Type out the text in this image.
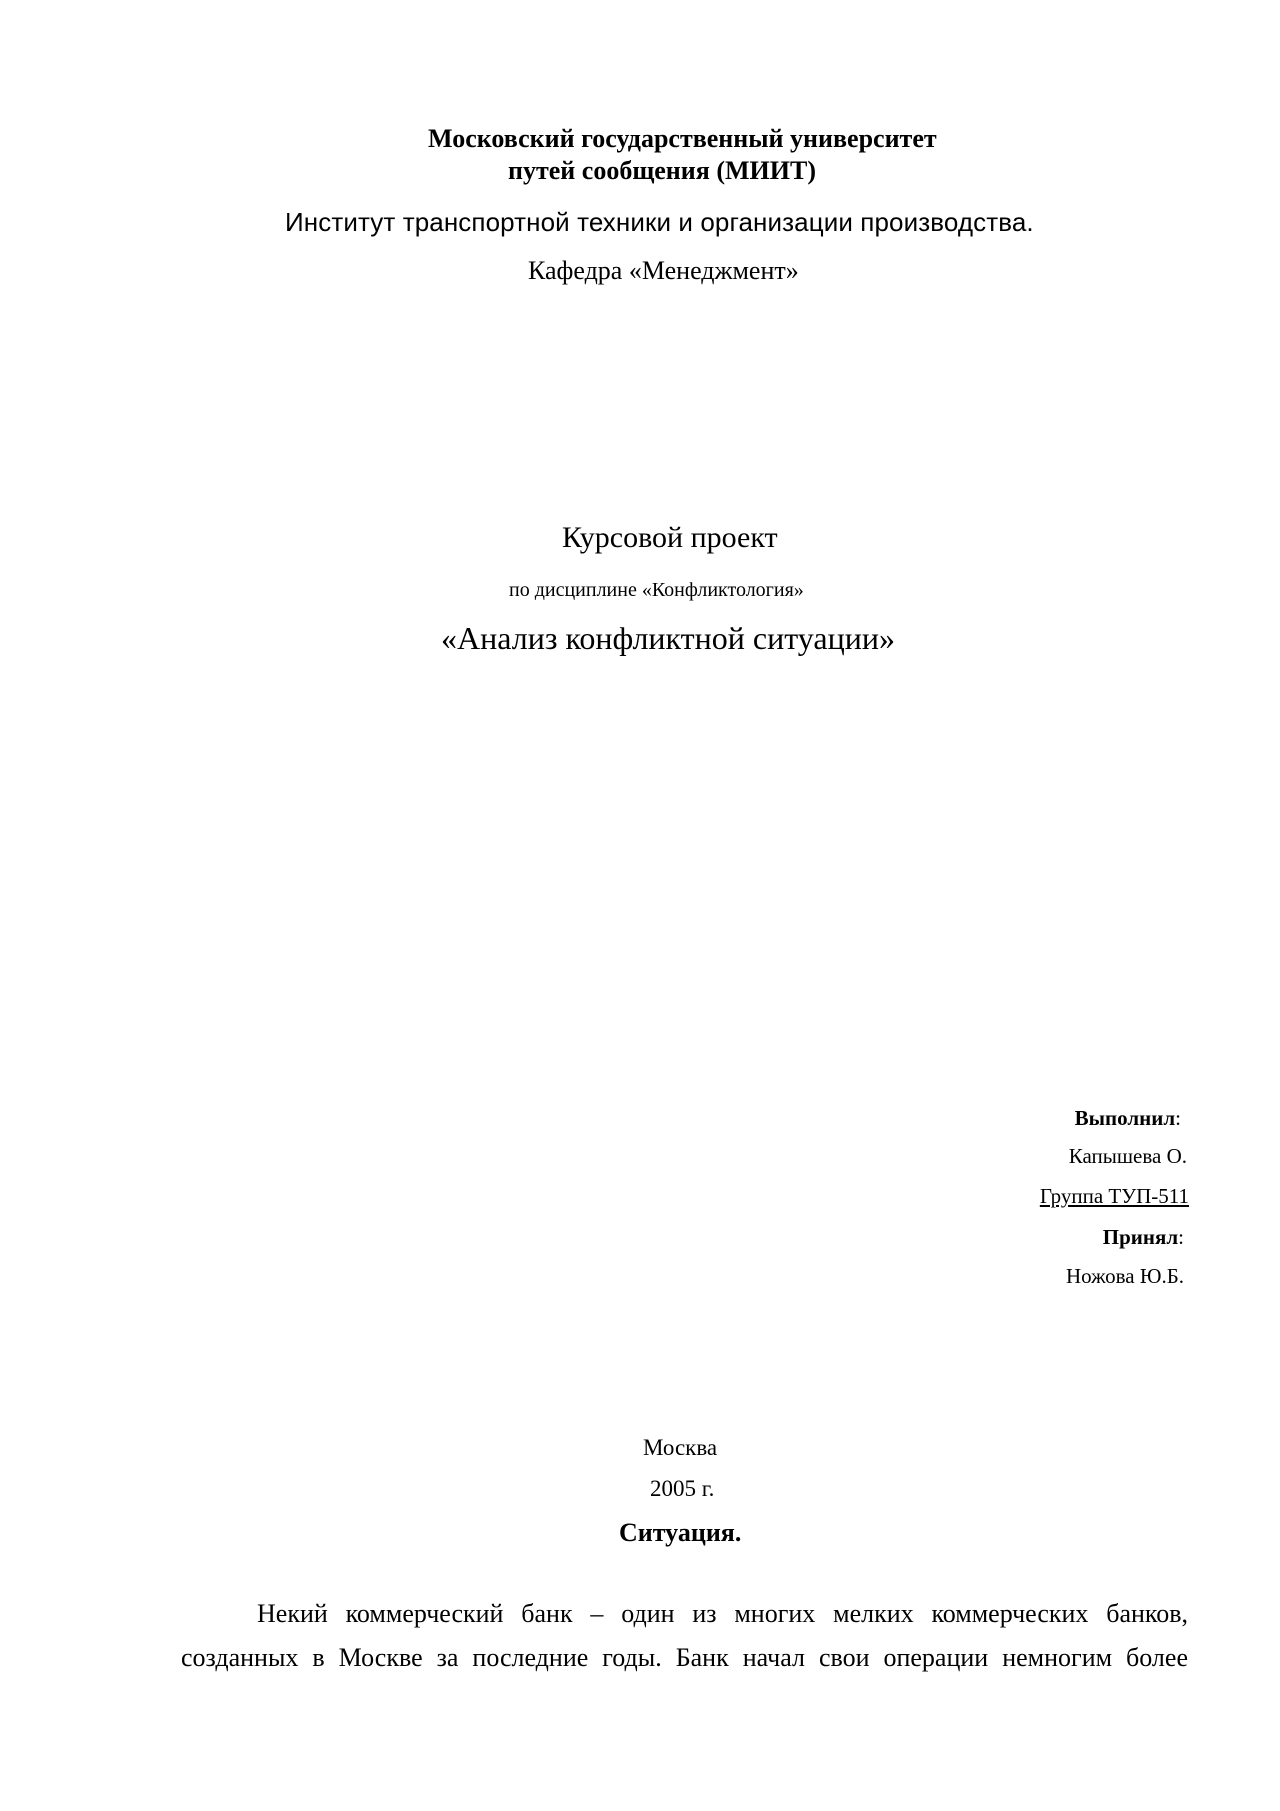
Московский государственный университет

путей сообщения (МИИТ)

Институт транспортной техники и организации производства.

Кафедра «Менеджмент»

Курсовой проект

по дисциплине «Конфликтология»

«Анализ конфликтной ситуации»

Выполнил:

Капышева О.

Группа ТУП-511

Принял:

Ножова Ю.Б.

Москва

2005 г.

Ситуация.

Некий коммерческий банк – один из многих мелких коммерческих банков,
созданных в Москве за последние годы. Банк начал свои операции немногим более
